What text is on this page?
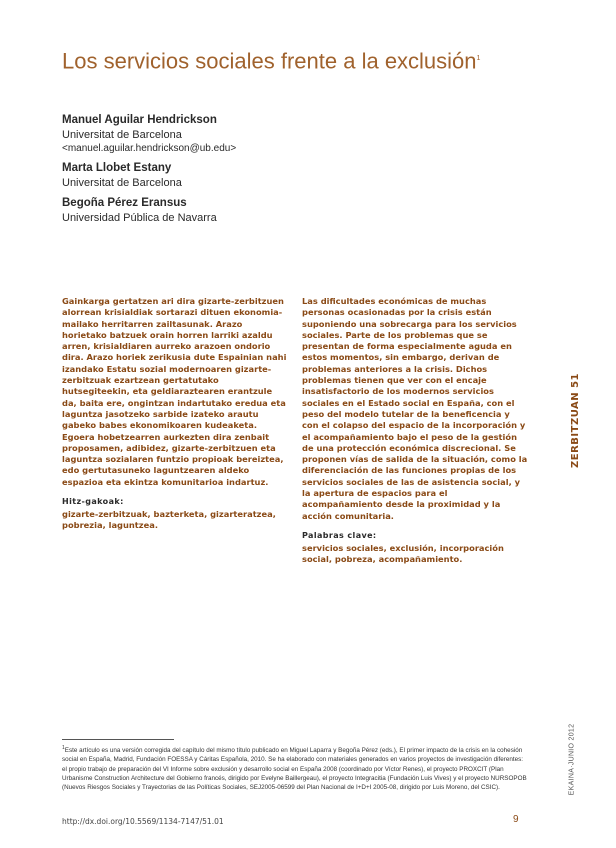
Los servicios sociales frente a la exclusión$^1$
Manuel Aguilar Hendrickson
Universitat de Barcelona
<manuel.aguilar.hendrickson@ub.edu>
Marta Llobet Estany
Universitat de Barcelona
Begoña Pérez Eransus
Universidad Pública de Navarra

Gainkarga gertatzen ari dira gizarte-zerbitzuen alorrean krisialdiak sortarazi dituen ekonomia-mailako herritarren zailtasunak. Arazo horietako batzuek orain horren larriki azaldu arren, krisialdiaren aurreko arazoen ondorio dira. Arazo horiek zerikusia dute Espainian nahi izandako Estatu sozial modernoaren gizarte-zerbitzuak ezartzean gertatutako hutsegiteekin, eta geldiaraztearen erantzule da, baita ere, ongintzan indartutako eredua eta laguntza jasotzeko sarbide izateko arautu gabeko babes ekonomikoaren kudeaketa. Egoera hobetzearren aurkezten dira zenbait proposamen, adibidez, gizarte-zerbitzuen eta laguntza sozialaren funtzio propioak bereiztea, edo gertutasuneko laguntzearen aldeko espazioa eta ekintza komunitarioa indartuz.

Hitz-gakoak:

gizarte-zerbitzuak, bazterketa, gizarteratzea, pobrezia, laguntzea.

Las dificultades económicas de muchas personas ocasionadas por la crisis están suponiendo una sobrecarga para los servicios sociales. Parte de los problemas que se presentan de forma especialmente aguda en estos momentos, sin embargo, derivan de problemas anteriores a la crisis. Dichos problemas tienen que ver con el encaje insatisfactorio de los modernos servicios sociales en el Estado social en España, con el peso del modelo tutelar de la beneficencia y con el colapso del espacio de la incorporación y el acompañamiento bajo el peso de la gestión de una protección económica discrecional. Se proponen vías de salida de la situación, como la diferenciación de las funciones propias de los servicios sociales de las de asistencia social, y la apertura de espacios para el acompañamiento desde la proximidad y la acción comunitaria.

Palabras clave:

servicios sociales, exclusión, incorporación social, pobreza, acompañamiento.

ZERBITZUAN 51
EKAINA·JUNIO 2012

$^1$Este artículo es una versión corregida del capítulo del mismo título publicado en Miguel Laparra y Begoña Pérez (eds.), El primer impacto de la crisis en la cohesión social en España, Madrid, Fundación FOESSA y Cáritas Española, 2010. Se ha elaborado con materiales generados en varios proyectos de investigación diferentes: el propio trabajo de preparación del VI Informe sobre exclusión y desarrollo social en España 2008 (coordinado por Víctor Renes), el proyecto PROXCIT (Plan Urbanisme Construction Architecture del Gobierno francés, dirigido por Evelyne Baillergeau), el proyecto Integracitia (Fundación Luis Vives) y el proyecto NURSOPOB (Nuevos Riesgos Sociales y Trayectorias de las Políticas Sociales, SEJ2005-06599 del Plan Nacional de I+D+I 2005-08, dirigido por Luis Moreno, del CSIC).

http://dx.doi.org/10.5569/1134-7147/51.01	9
